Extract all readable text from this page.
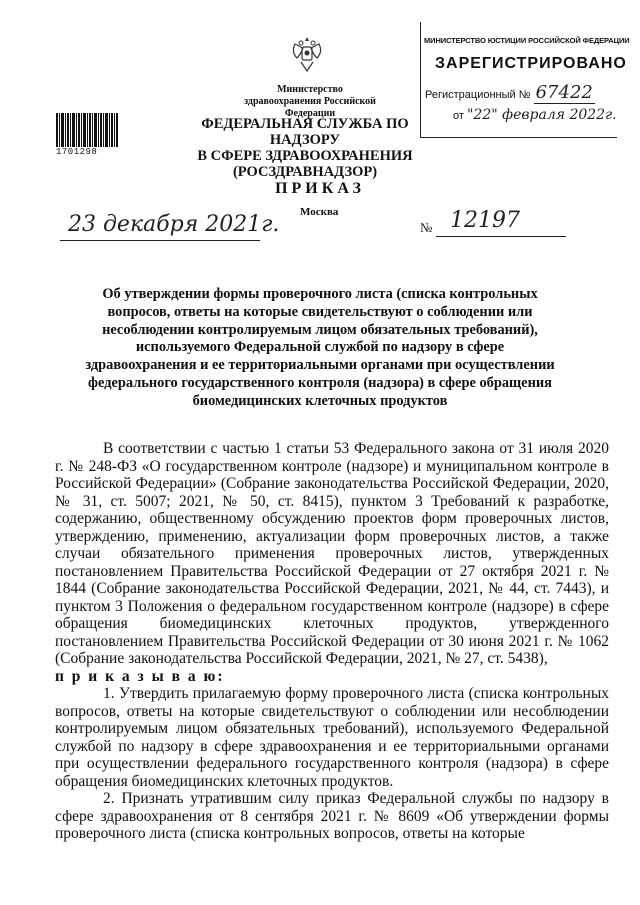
Министерство здравоохранения Российской Федерации
1701298
ФЕДЕРАЛЬНАЯ СЛУЖБА ПО НАДЗОРУ
В СФЕРЕ ЗДРАВООХРАНЕНИЯ
(РОСЗДРАВНАДЗОР)
МИНИСТЕРСТВО ЮСТИЦИИ РОССИЙСКОЙ ФЕДЕРАЦИИ
ЗАРЕГИСТРИРОВАНО
Регистрационный № 67422
от "22" февраля 2022г.
ПРИКАЗ
Москва
23 декабря 2021г.	№ 12197
Об утверждении формы проверочного листа (списка контрольных вопросов, ответы на которые свидетельствуют о соблюдении или несоблюдении контролируемым лицом обязательных требований), используемого Федеральной службой по надзору в сфере здравоохранения и ее территориальными органами при осуществлении федерального государственного контроля (надзора) в сфере обращения биомедицинских клеточных продуктов

В соответствии с частью 1 статьи 53 Федерального закона от 31 июля 2020 г. № 248-ФЗ «О государственном контроле (надзоре) и муниципальном контроле в Российской Федерации» (Собрание законодательства Российской Федерации, 2020, № 31, ст. 5007; 2021, № 50, ст. 8415), пунктом 3 Требований к разработке, содержанию, общественному обсуждению проектов форм проверочных листов, утверждению, применению, актуализации форм проверочных листов, а также случаи обязательного применения проверочных листов, утвержденных постановлением Правительства Российской Федерации от 27 октября 2021 г. № 1844 (Собрание законодательства Российской Федерации, 2021, № 44, ст. 7443), и пунктом 3 Положения о федеральном государственном контроле (надзоре) в сфере обращения биомедицинских клеточных продуктов, утвержденного постановлением Правительства Российской Федерации от 30 июня 2021 г. № 1062 (Собрание законодательства Российской Федерации, 2021, № 27, ст. 5438),

п р и к а з ы в а ю:

1. Утвердить прилагаемую форму проверочного листа (списка контрольных вопросов, ответы на которые свидетельствуют о соблюдении или несоблюдении контролируемым лицом обязательных требований), используемого Федеральной службой по надзору в сфере здравоохранения и ее территориальными органами при осуществлении федерального государственного контроля (надзора) в сфере обращения биомедицинских клеточных продуктов.

2. Признать утратившим силу приказ Федеральной службы по надзору в сфере здравоохранения от 8 сентября 2021 г. № 8609 «Об утверждении формы проверочного листа (списка контрольных вопросов, ответы на которые
